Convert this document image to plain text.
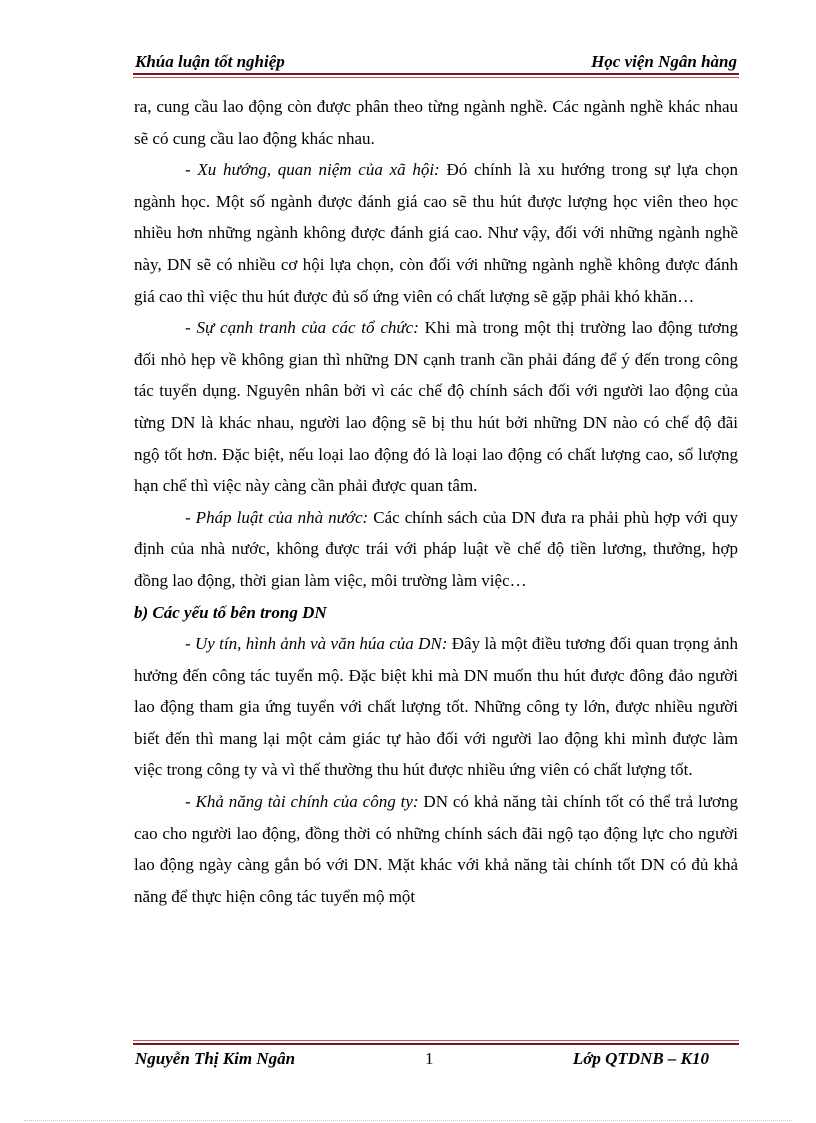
Khúa luận tốt nghiệp	Học viện Ngân hàng

ra, cung cầu lao động còn được phân theo từng ngành nghề. Các ngành nghề khác nhau sẽ có cung cầu lao động khác nhau.

- Xu hướng, quan niệm của xã hội: Đó chính là xu hướng trong sự lựa chọn ngành học. Một số ngành được đánh giá cao sẽ thu hút được lượng học viên theo học nhiều hơn những ngành không được đánh giá cao. Như vậy, đối với những ngành nghề này, DN sẽ có nhiều cơ hội lựa chọn, còn đối với những ngành nghề không được đánh giá cao thì việc thu hút được đủ số ứng viên có chất lượng sẽ gặp phải khó khăn…

- Sự cạnh tranh của các tổ chức: Khi mà trong một thị trường lao động tương đối nhỏ hẹp về không gian thì những DN cạnh tranh cần phải đáng để ý đến trong công tác tuyển dụng. Nguyên nhân bởi vì các chế độ chính sách đối với người lao động của từng DN là khác nhau, người lao động sẽ bị thu hút bởi những DN nào có chế độ đãi ngộ tốt hơn. Đặc biệt, nếu loại lao động đó là loại lao động có chất lượng cao, số lượng hạn chế thì việc này càng cần phải được quan tâm.

- Pháp luật của nhà nước: Các chính sách của DN đưa ra phải phù hợp với quy định của nhà nước, không được trái với pháp luật về chế độ tiền lương, thưởng, hợp đồng lao động, thời gian làm việc, môi trường làm việc…

b) Các yếu tố bên trong DN

- Uy tín, hình ảnh và văn húa của DN: Đây là một điều tương đối quan trọng ảnh hưởng đến công tác tuyển mộ. Đặc biệt khi mà DN muốn thu hút được đông đảo người lao động tham gia ứng tuyển với chất lượng tốt. Những công ty lớn, được nhiều người biết đến thì mang lại một cảm giác tự hào đối với người lao động khi mình được làm việc trong công ty và vì thế thường thu hút được nhiều ứng viên có chất lượng tốt.

- Khả năng tài chính của công ty: DN có khả năng tài chính tốt có thể trả lương cao cho người lao động, đồng thời có những chính sách đãi ngộ tạo động lực cho người lao động ngày càng gắn bó với DN. Mặt khác với khả năng tài chính tốt DN có đủ khả năng để thực hiện công tác tuyển mộ một

Nguyễn Thị Kim Ngân	1	Lớp QTDNB – K10
